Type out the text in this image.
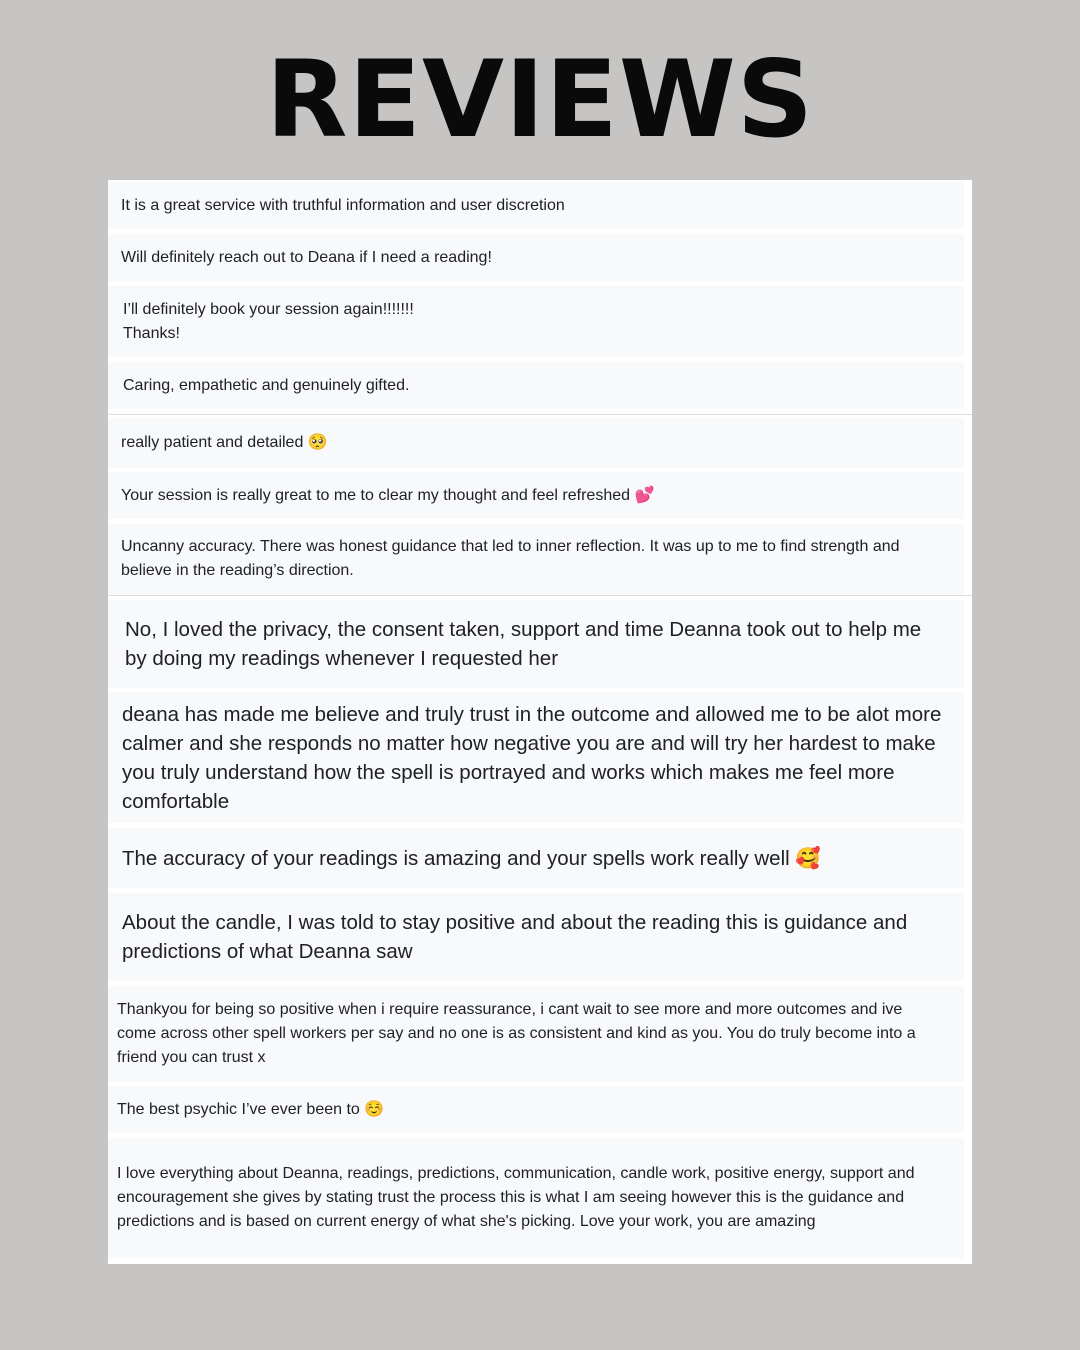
REVIEWS
It is a great service with truthful information and user discretion
Will definitely reach out to Deana if I need a reading!
I’ll definitely book your session again!!!!!!!
Thanks!
Caring, empathetic and genuinely gifted.
really patient and detailed 🥺
Your session is really great to me to clear my thought and feel refreshed 💕
Uncanny accuracy. There was honest guidance that led to inner reflection. It was up to me to find strength and believe in the reading’s direction.
No, I loved the privacy, the consent taken, support and time Deanna took out to help me by doing my readings whenever I requested her
deana has made me believe and truly trust in the outcome and allowed me to be alot more calmer and she responds no matter how negative you are and will try her hardest to make you truly understand how the spell is portrayed and works which makes me feel more comfortable
The accuracy of your readings is amazing and your spells work really well 🥰
About the candle, I was told to stay positive and about the reading this is guidance and predictions of what Deanna saw
Thankyou for being so positive when i require reassurance, i cant wait to see more and more outcomes and ive come across other spell workers per say and no one is as consistent and kind as you. You do truly become into a friend you can trust x
The best psychic I’ve ever been to ☺️
I love everything about Deanna, readings, predictions, communication, candle work, positive energy, support and encouragement she gives by stating trust the process this is what I am seeing however this is the guidance and predictions and is based on current energy of what she's picking. Love your work, you are amazing
